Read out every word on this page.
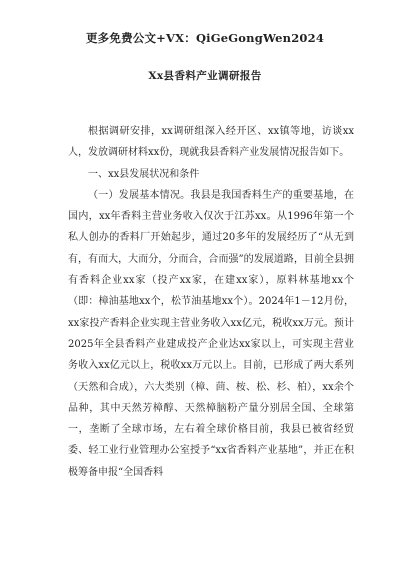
更多免费公文+VX：QiGeGongWen2024
Xx县香料产业调研报告

根据调研安排，xx调研组深入经开区、xx镇等地，访谈xx人，发放调研材料xx份，现就我县香料产业发展情况报告如下。

一、xx县发展状况和条件

（一）发展基本情况。我县是我国香料生产的重要基地，在国内，xx年香料主营业务收入仅次于江苏xx。从1996年第一个私人创办的香料厂开始起步，通过20多年的发展经历了“从无到有，有而大，大而分，分而合，合而强”的发展道路，目前全县拥有香料企业xx家（投产xx家，在建xx家），原料林基地xx个（即：樟油基地xx个，松节油基地xx个）。2024年1－12月份，xx家投产香料企业实现主营业务收入xx亿元，税收xx万元。预计2025年全县香料产业建成投产企业达xx家以上，可实现主营业务收入xx亿元以上，税收xx万元以上。目前，已形成了两大系列（天然和合成），六大类别（樟、茴、桉、松、杉、柏），xx余个品种，其中天然芳樟醇、天然樟脑粉产量分别居全国、全球第一，垄断了全球市场，左右着全球价格目前，我县已被省经贸委、轻工业行业管理办公室授予“xx省香料产业基地”，并正在积极筹备申报“全国香料
